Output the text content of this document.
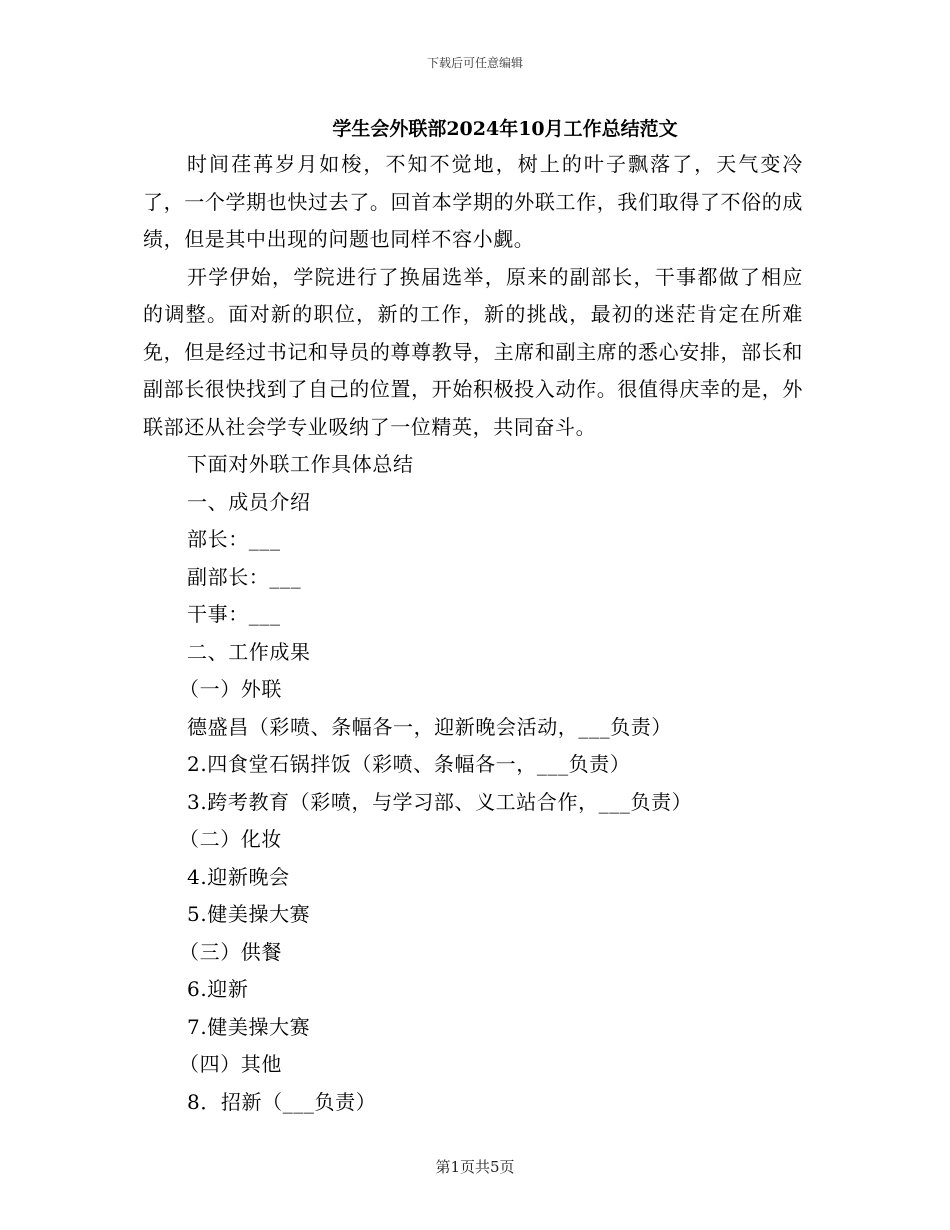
下载后可任意编辑
学生会外联部2024年10月工作总结范文

时间荏苒岁月如梭，不知不觉地，树上的叶子飘落了，天气变冷了，一个学期也快过去了。回首本学期的外联工作，我们取得了不俗的成绩，但是其中出现的问题也同样不容小觑。

开学伊始，学院进行了换届选举，原来的副部长，干事都做了相应的调整。面对新的职位，新的工作，新的挑战，最初的迷茫肯定在所难免，但是经过书记和导员的尊尊教导，主席和副主席的悉心安排，部长和副部长很快找到了自己的位置，开始积极投入动作。很值得庆幸的是，外联部还从社会学专业吸纳了一位精英，共同奋斗。

下面对外联工作具体总结

一、成员介绍

部长：___

副部长：___

干事：___

二、工作成果

（一）外联

德盛昌（彩喷、条幅各一，迎新晚会活动，___负责）

2.四食堂石锅拌饭（彩喷、条幅各一，___负责）

3.跨考教育（彩喷，与学习部、义工站合作，___负责）

（二）化妆

4.迎新晚会

5.健美操大赛

（三）供餐

6.迎新

7.健美操大赛

（四）其他

8．招新（___负责）

第1页共5页
